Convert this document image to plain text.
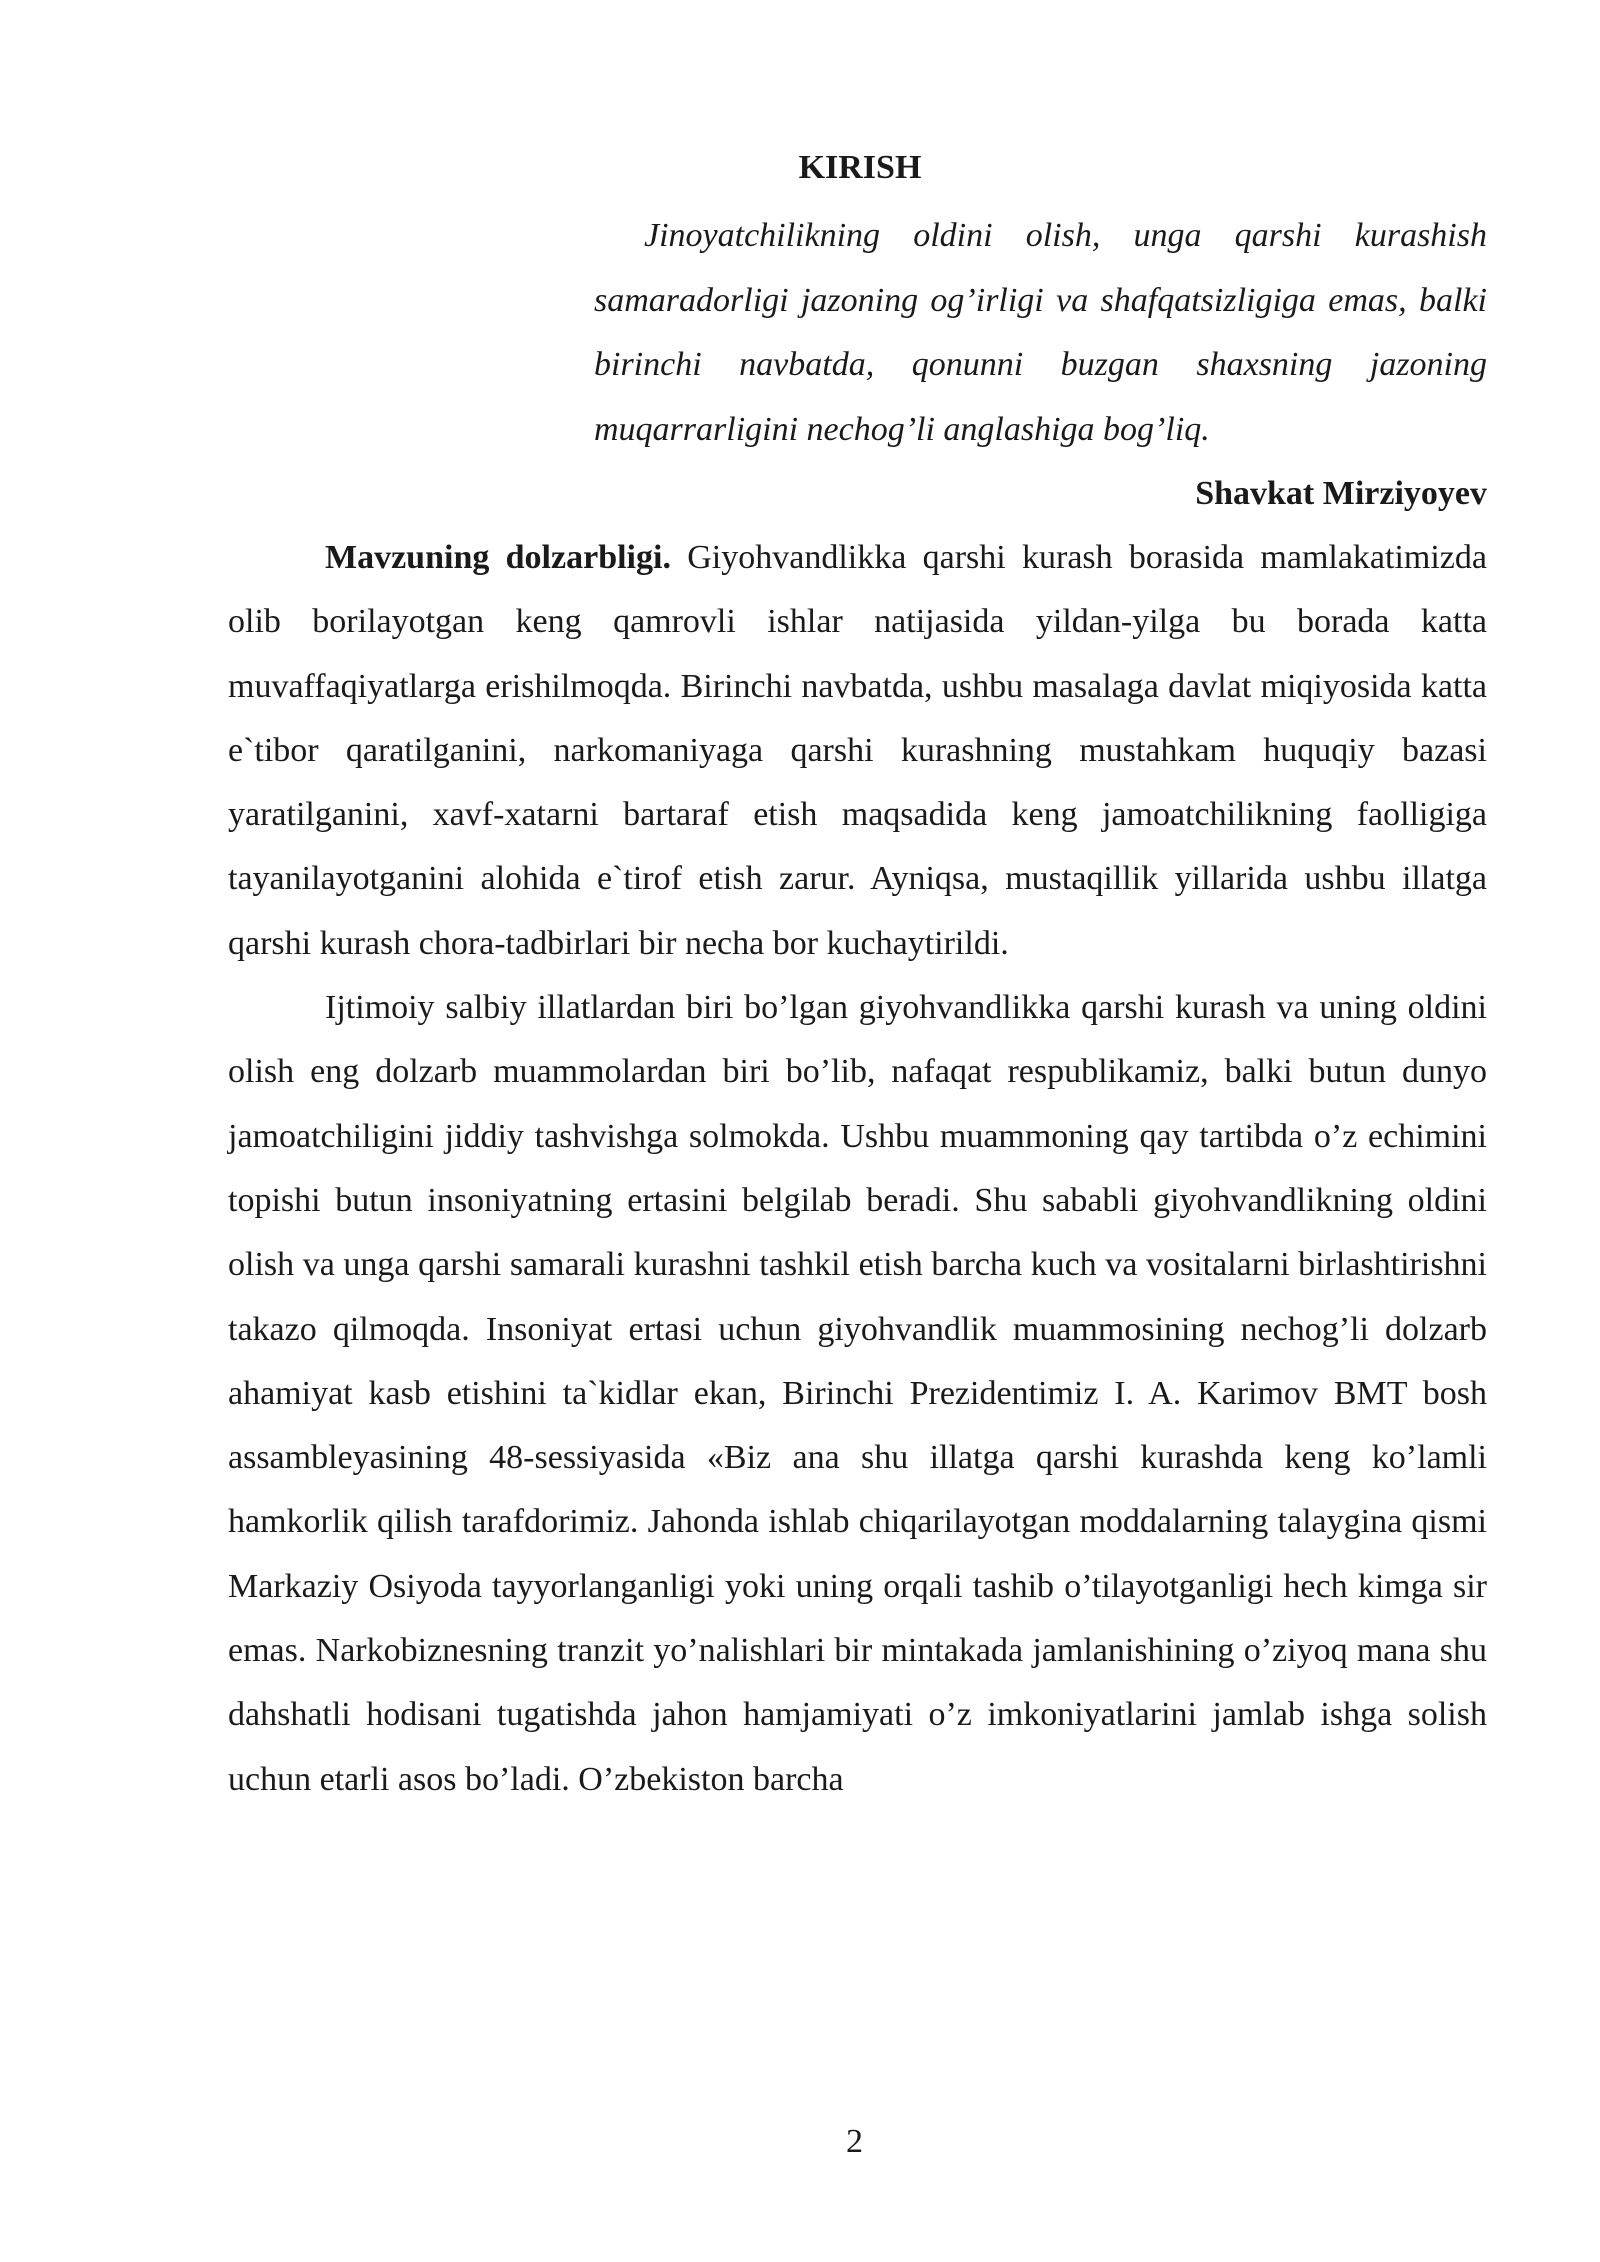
KIRISH

Jinoyatchilikning oldini olish, unga qarshi kurashish samaradorligi jazoning og’irligi va shafqatsizligiga emas, balki birinchi navbatda, qonunni buzgan shaxsning jazoning muqarrarligini nechog’li anglashiga bog’liq.

Shavkat Mirziyoyev

Mavzuning dolzarbligi. Giyohvandlikka qarshi kurash borasida mamlakatimizda olib borilayotgan keng qamrovli ishlar natijasida yildan-yilga bu borada katta muvaffaqiyatlarga erishilmoqda. Birinchi navbatda, ushbu masalaga davlat miqiyosida katta e`tibor qaratilganini, narkomaniyaga qarshi kurashning mustahkam huquqiy bazasi yaratilganini, xavf-xatarni bartaraf etish maqsadida keng jamoatchilikning faolligiga tayanilayotganini alohida e`tirof etish zarur. Ayniqsa, mustaqillik yillarida ushbu illatga qarshi kurash chora-tadbirlari bir necha bor kuchaytirildi.

Ijtimoiy salbiy illatlardan biri bo’lgan giyohvandlikka qarshi kurash va uning oldini olish eng dolzarb muammolardan biri bo’lib, nafaqat respublikamiz, balki butun dunyo jamoatchiligini jiddiy tashvishga solmokda. Ushbu muammoning qay tartibda o’z echimini topishi butun insoniyatning ertasini belgilab beradi. Shu sababli giyohvandlikning oldini olish va unga qarshi samarali kurashni tashkil etish barcha kuch va vositalarni birlashtirishni takazo qilmoqda. Insoniyat ertasi uchun giyohvandlik muammosining nechog’li dolzarb ahamiyat kasb etishini ta`kidlar ekan, Birinchi Prezidentimiz I. A. Karimov BMT bosh assambleyasining 48-sessiyasida «Biz ana shu illatga qarshi kurashda keng ko’lamli hamkorlik qilish tarafdorimiz. Jahonda ishlab chiqarilayotgan moddalarning talaygina qismi Markaziy Osiyoda tayyorlanganligi yoki uning orqali tashib o’tilayotganligi hech kimga sir emas. Narkobiznesning tranzit yo’nalishlari bir mintakada jamlanishining o’ziyoq mana shu dahshatli hodisani tugatishda jahon hamjamiyati o’z imkoniyatlarini jamlab ishga solish uchun etarli asos bo’ladi. O’zbekiston barcha

2
